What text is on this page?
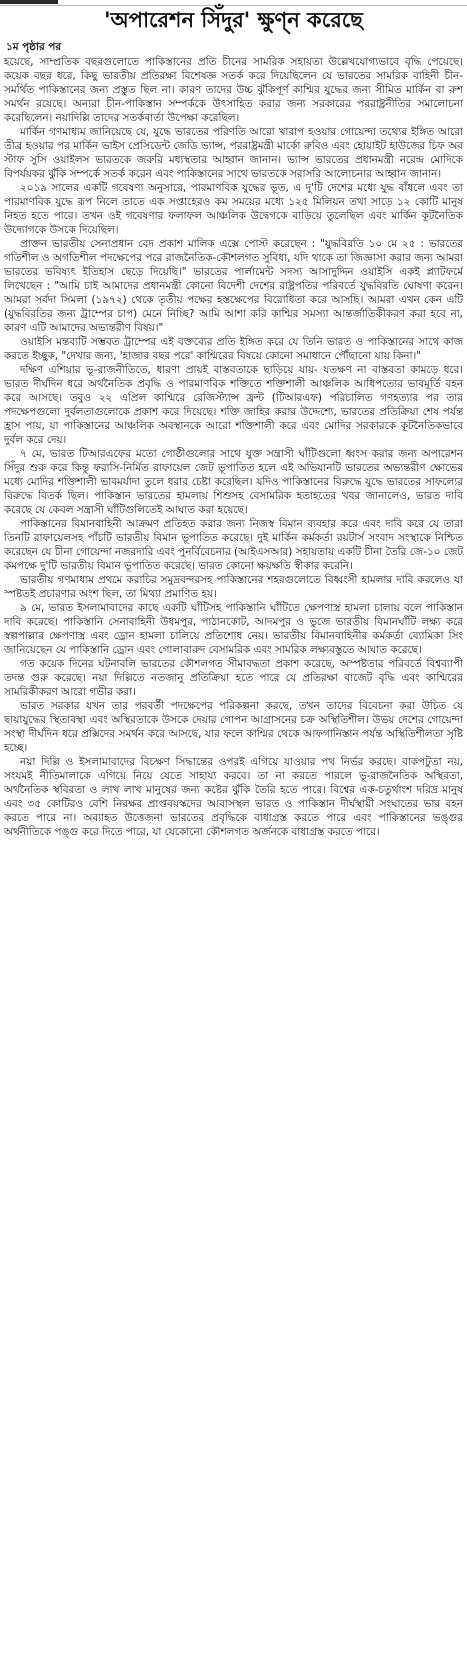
'অপারেশন সিঁদুর' ক্ষুণ্ন করেছে
১ম পৃষ্ঠার পর

হয়েছে, সাম্প্রতিক বছরগুলোতে পাকিস্তানের প্রতি চীনের সামরিক সহায়তা উল্লেখযোগ্যভাবে বৃদ্ধি পেয়েছে। কয়েক বছর ধরে, কিছু ভারতীয় প্রতিরক্ষা বিশেষজ্ঞ সতর্ক করে দিয়েছিলেন যে ভারতের সামরিক বাহিনী চীন-সমর্থিত পাকিস্তানের জন্য প্রস্তুত ছিল না। কারণ তাদের উচ্চ ঝুঁকিপূর্ণ কাশ্মির যুদ্ধের জন্য সীমিত মার্কিন বা রুশ সমর্থন রয়েছে। অন্যরা চীন-পাকিস্তান সম্পর্ককে উৎসাহিত করার জন্য সরকারের পররাষ্ট্রনীতির সমালোচনা করেছিলেন। নয়াদিল্লি তাদের সতর্কবার্তা উপেক্ষা করেছিল।

মার্কিন গণমাধ্যম জানিয়েছে যে, যুদ্ধে ভারতের পরিণতি আরো খারাপ হওয়ার গোয়েন্দা তথ্যের ইঙ্গিত আরো তীব্র হওয়ার পর মার্কিন ভাইস প্রেসিডেন্ট জেডি ভ্যান্স, পররাষ্ট্রমন্ত্রী মার্কো রুবিও এবং হোয়াইট হাউজের চিফ অব স্টাফ সুসি ওয়াইলস ভারতকে জরুরি মধ্যস্থতার আহ্বান জানান। ভ্যান্স ভারতের প্রধানমন্ত্রী নরেন্দ্র মোদিকে বিপর্যয়কর ঝুঁকি সম্পর্কে সতর্ক করেন এবং পাকিস্তানের সাথে ভারতকে সরাসরি আলোচনার আহ্বান জানান।

২০১৯ সালের একটি গবেষণা অনুসারে, পারমাণবিক যুদ্ধের ভূত, এ দু'টি দেশের মধ্যে যুদ্ধ বাঁধলে এবং তা পারমাণবিক যুদ্ধে রূপ নিলে তাতে এক সপ্তাহেরও কম সময়ের মধ্যে ১২৫ মিলিয়ন তথা সাড়ে ১২ কোটি মানুষ নিহত হতে পারে। তখন ওই গবেষণার ফলাফল আঞ্চলিক উদ্বেগকে বাড়িয়ে তুলেছিল এবং মার্কিন কূটনৈতিক উদ্যোগকে উসকে দিয়েছিল।

প্রাক্তন ভারতীয় সেনাপ্রধান বেদ প্রকাশ মালিক এক্সে পোস্ট করেছেন : "যুদ্ধবিরতি ১০ মে ২৫ : ভারতের গতিশীল ও অগতিশীল পদক্ষেপের পরে রাজনৈতিক-কৌশলগত সুবিধা, যদি থাকে তা জিজ্ঞাসা করার জন্য আমরা ভারতের ভবিষ্যৎ ইতিহাস ছেড়ে দিয়েছি।" ভারতের পার্লামেন্ট সদস্য আসাদুদ্দিন ওয়াইসি একই প্ল্যাটফর্মে লিখেছেন : "আমি চাই আমাদের প্রধানমন্ত্রী কোনো বিদেশী দেশের রাষ্ট্রপতির পরিবর্তে যুদ্ধবিরতি ঘোষণা করেন। আমরা সর্বদা সিমলা (১৯৭২) থেকে তৃতীয় পক্ষের হস্তক্ষেপের বিরোধিতা করে আসছি। আমরা এখন কেন এটি (যুদ্ধবিরতির জন্য ট্রাম্পের চাপ) মেনে নিচ্ছি? আমি আশা করি কাশ্মির সমস্যা আন্তর্জাতিকীকরণ করা হবে না, কারণ এটি আমাদের অভ্যন্তরীণ বিষয়।"

ওয়াইসি মন্তব্যটি সম্ভবত ট্রাম্পের এই বক্তব্যের প্রতি ইঙ্গিত করে যে তিনি ভারত ও পাকিস্তানের সাথে কাজ করতে ইচ্ছুক, "দেখার জন্য, 'হাজার বছর পরে' কাশ্মিরের বিষয়ে কোনো সমাধানে পৌঁছানো যায় কিনা।"

দক্ষিণ এশিয়ার ভূ-রাজনীতিতে, ধারণা প্রায়ই বাস্তবতাকে ছাড়িয়ে যায়- যতক্ষণ না বাস্তবতা কামড়ে ধরে। ভারত দীর্ঘদিন ধরে অর্থনৈতিক প্রবৃদ্ধি ও পারমাণবিক শক্তিতে শক্তিশালী আঞ্চলিক আধিপত্যের ভাবমূর্তি বহন করে আসছে। তবুও ২২ এপ্রিল কাশ্মিরে রেজিস্ট্যান্স ফ্রন্ট (টিআরএফ) পরিচালিত গণহত্যার পর তার পদক্ষেপগুলো দুর্বলতাগুলোকে প্রকাশ করে দিয়েছে। শক্তি জাহির করার উদ্দেশ্যে, ভারতের প্রতিক্রিয়া শেষ পর্যন্ত হ্রাস পায়, যা পাকিস্তানের আঞ্চলিক অবস্থানকে আরো শক্তিশালী করে এবং মোদির সরকারকে কূটনৈতিকভাবে দুর্বল করে দেয়।

৭ মে, ভারত টিআরএফের মতো গোষ্ঠীগুলোর সাথে যুক্ত সন্ত্রাসী ঘাঁটিগুলো ধ্বংস করার জন্য অপারেশন সিঁদুর শুরু করে কিন্তু ফরাসি-নির্মিত রাফায়েল জেট ভূপাতিত হলে এই অভিযানটি ভারতের অভ্যন্তরীণ ক্ষোভের মধ্যে মোদির শক্তিশালী ভাবমর্যাদা তুলে ধরার চেষ্টা করেছিল। যদিও পাকিস্তানের বিরুদ্ধে যুদ্ধে ভারতের সাফল্যের বিরুদ্ধে বিতর্ক ছিল। পাকিস্তান ভারতের হামলায় শিশুসহ বেসামরিক হতাহতের খবর জানালেও, ভারত দাবি করেছে যে কেবল সন্ত্রাসী ঘাঁটিগুলিতেই আঘাত করা হয়েছে।

পাকিস্তানের বিমানবাহিনী আক্রমণ প্রতিহত করার জন্য নিজস্ব বিমান ব্যবহার করে এবং দাবি করে যে তারা তিনটি রাফায়েলসহ পাঁচটি ভারতীয় বিমান ভূপাতিত করেছে। দুই মার্কিন কর্মকর্তা রয়টার্স সংবাদ সংস্থাকে নিশ্চিত করেছেন যে চীনা গোয়েন্দা নজরদারি এবং পুনর্বিবেচনার (আইএসআর) সহায়তায় একটি চীনা তৈরি জে-১০ জেট কমপক্ষে দু'টি ভারতীয় বিমান ভূপাতিত করেছে। ভারত কোনো ক্ষয়ক্ষতি স্বীকার করেনি।

ভারতীয় গণমাধ্যম প্রথমে করাচির সমুদ্রবন্দরসহ পাকিস্তানের শহরগুলোতে বিধ্বংসী হামলার দাবি করলেও যা স্পষ্টতই প্রচারণার অংশ ছিল, তা মিথ্যা প্রমাণিত হয়।

৯ মে, ভারত ইসলামাবাদের কাছে একটি ঘাঁটিসহ পাকিস্তানি ঘাঁটিতে ক্ষেপণাস্ত্র হামলা চালায় বলে পাকিস্তান দাবি করেছে। পাকিস্তানি সেনাবাহিনী উধমপুর, পাঠানকোট, আদমপুর ও ভুজে ভারতীয় বিমানঘাঁটি লক্ষ্য করে স্বল্পপাল্লার ক্ষেপণাস্ত্র এবং ড্রোন হামলা চালিয়ে প্রতিশোধ নেয়। ভারতীয় বিমানবাহিনীর কর্মকর্তা ব্যোমিকা সিং জানিয়েছেন যে পাকিস্তানি ড্রোন এবং গোলাবারুদ বেসামরিক এবং সামরিক লক্ষ্যবস্তুতে আঘাত করেছে।

গত কয়েক দিনের ঘটনাবলি ভারতের কৌশলগত সীমাবদ্ধতা প্রকাশ করেছে, অস্পষ্টতার পরিবর্তে বিশ্বব্যাপী তদন্ত গুরু করেছে। নয়া দিল্লিতে নতজানু প্রতিক্রিয়া হতে পারে যে প্রতিরক্ষা বাজেট বৃদ্ধি এবং কাশ্মিরের সামরিকীকরণ আরো গভীর করা।

ভারত সরকার যখন তার পরবর্তী পদক্ষেপের পরিকল্পনা করছে, তখন তাদের বিবেচনা করা উচিত যে ছায়াযুদ্ধের স্থিতাবস্থা এবং অস্থিরতাকে উসকে দেয়ার গোপন আগ্রাসনের চক্র অস্থিতিশীল। উভয় দেশের গোয়েন্দা সংস্থা দীর্ঘদিন ধরে প্রক্সিদের সমর্থন করে আসছে, যার ফলে কাশ্মির থেকে আফগানিস্তান পর্যন্ত অস্থিতিশীলতা সৃষ্টি হচ্ছে।

নয়া দিল্লি ও ইসলামাবাদের বিচক্ষণ সিদ্ধান্তের ওপরই এগিয়ে যাওয়ার পথ নির্ভর করছে। বাকপটুতা নয়, সংযমই নীতিমালাকে এগিয়ে নিয়ে যেতে সাহায্য করবে। তা না করতে পারলে ভূ-রাজনৈতিক অস্থিরতা, অর্থনৈতিক স্থবিরতা ও লাখ লাখ মানুষের জন্য কষ্টের ঝুঁকি তৈরি হতে পারে। বিশ্বের এক-চতুর্থাংশ দরিদ্র মানুষ এবং ৩৫ কোটিরও বেশি নিরক্ষর প্রাপ্তবয়স্কদের আবাসস্থল ভারত ও পাকিস্তান দীর্ঘস্থায়ী সংঘাতের ভার বহন করতে পারে না। অব্যাহত উত্তেজনা ভারতের প্রবৃদ্ধিকে বাধাগ্রস্ত করতে পারে এবং পাকিস্তানের ভঙ্গুর অর্থনীতিকে পঙ্গু করে দিতে পারে, যা যেকোনো কৌশলগত অর্জনকে বাধাগ্রস্ত করতে পারে।
